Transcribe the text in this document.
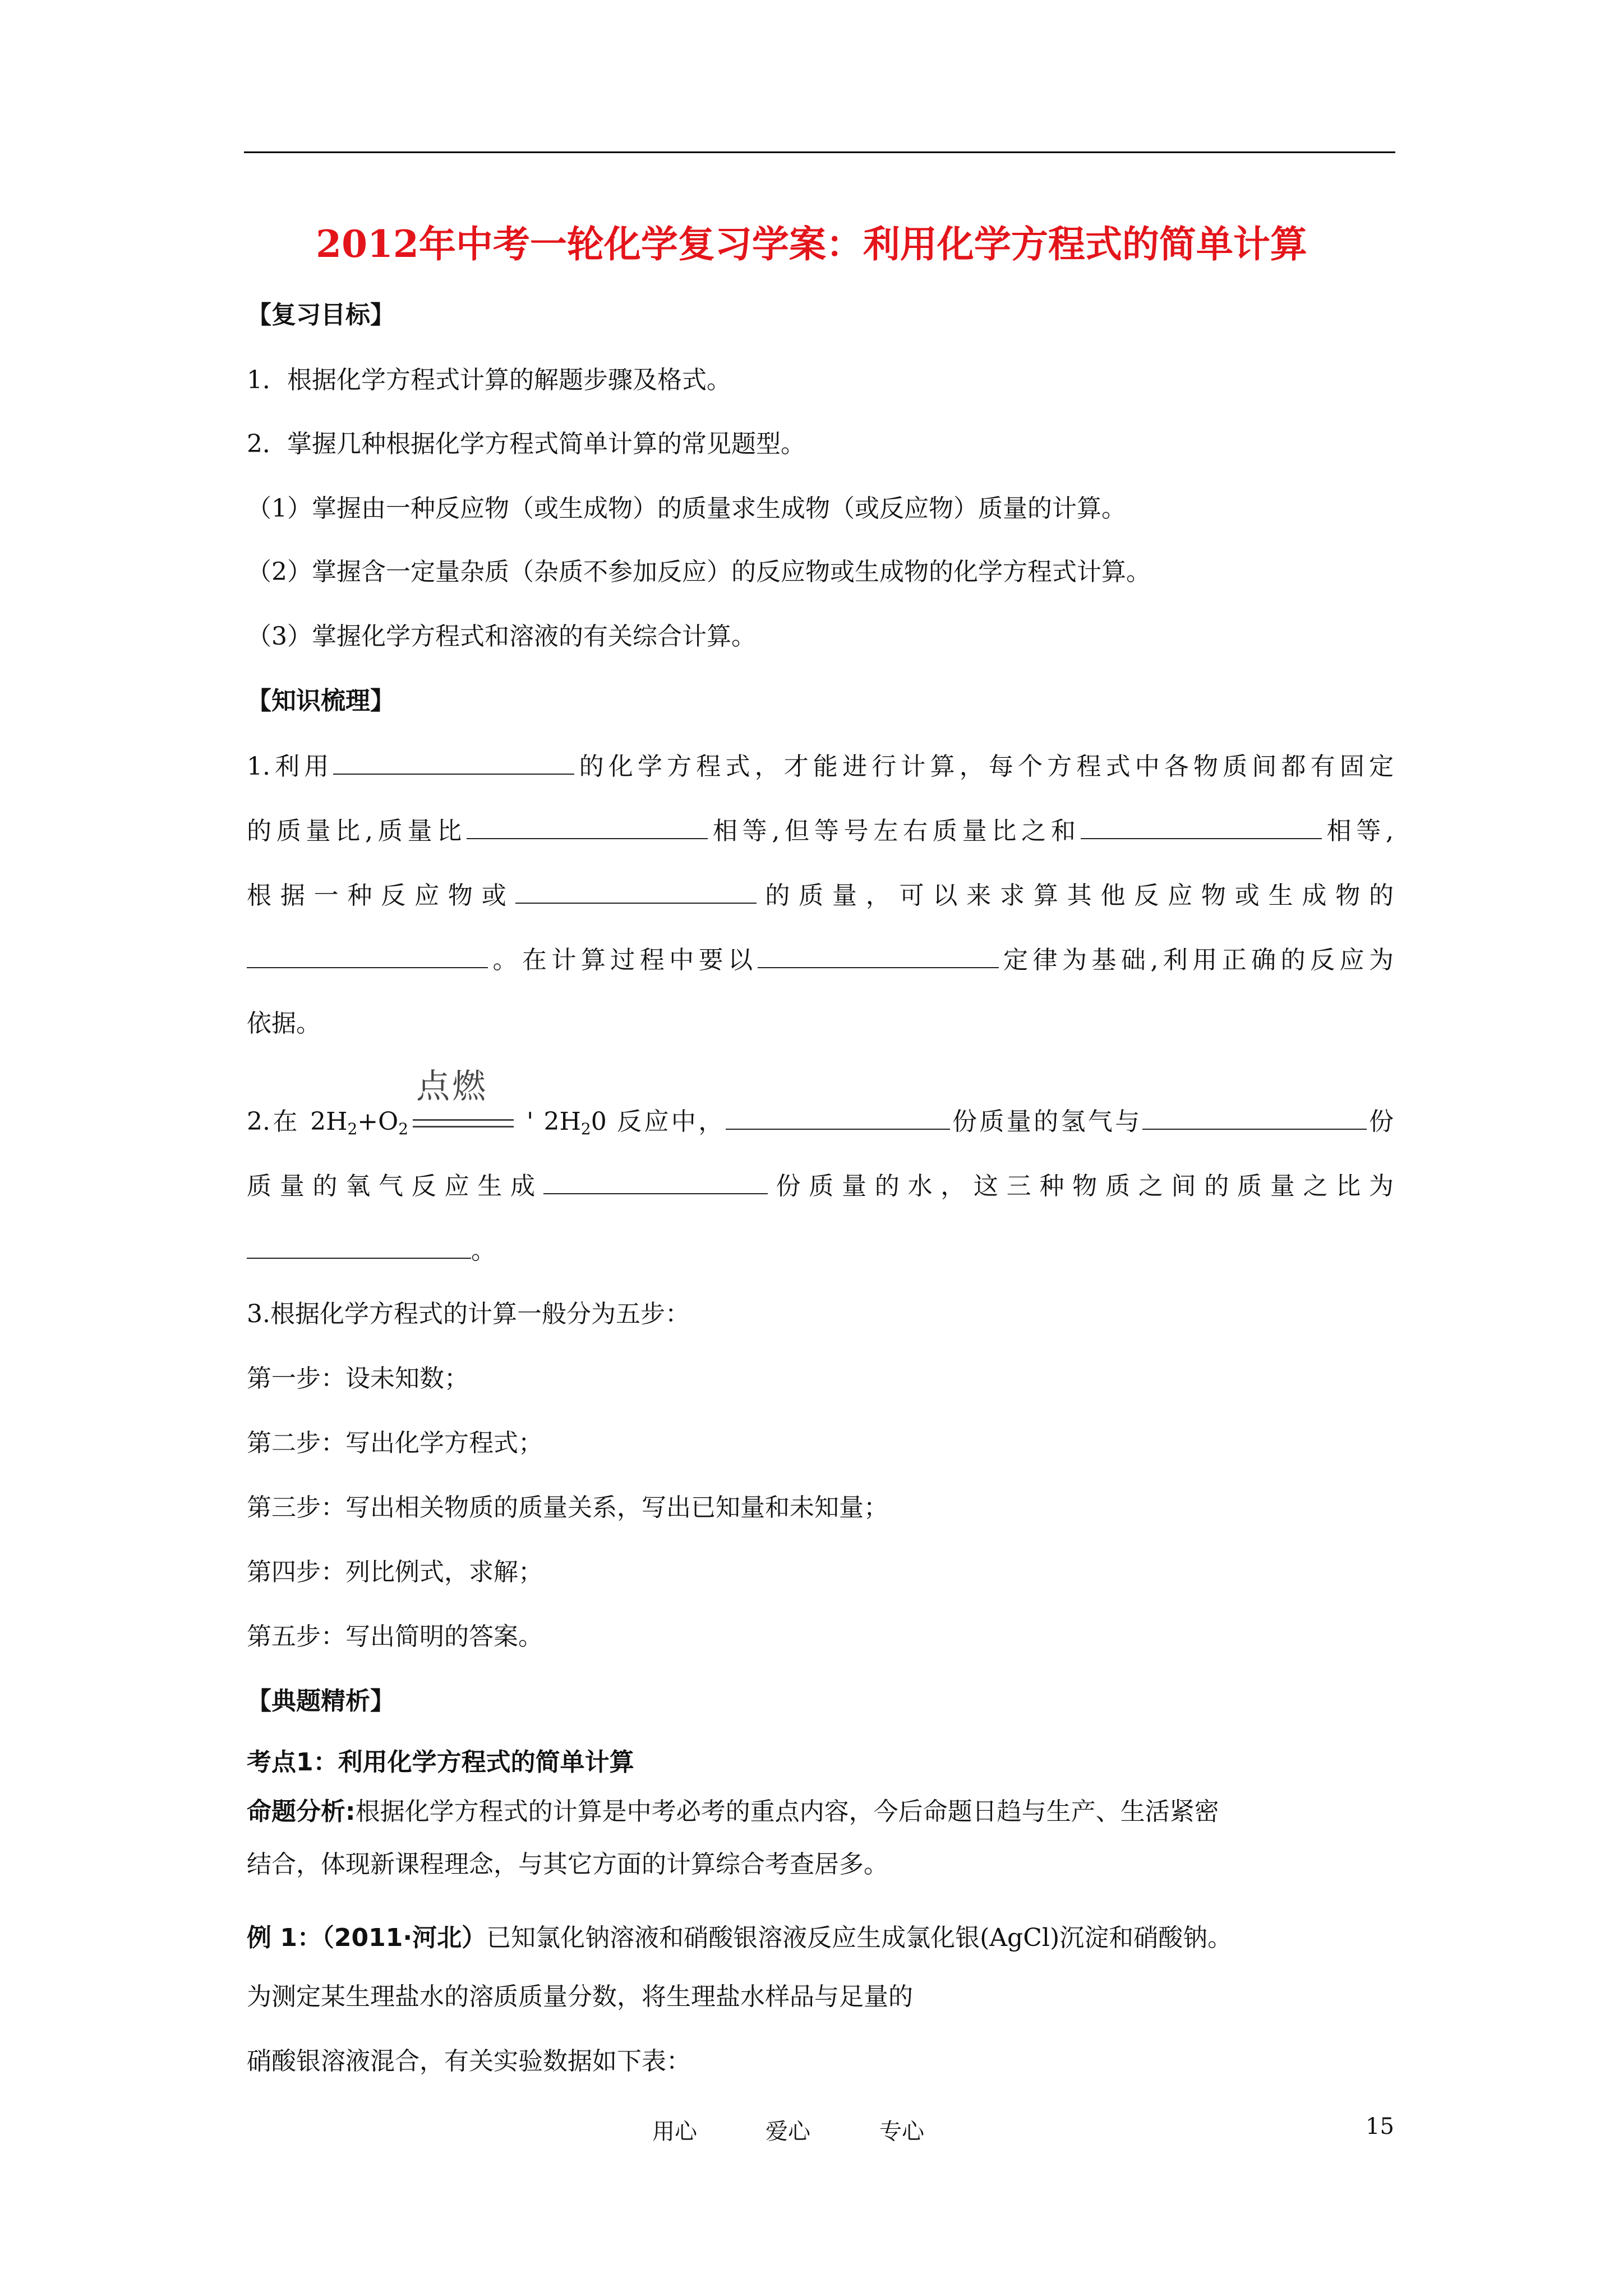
2012年中考一轮化学复习学案：利用化学方程式的简单计算
【复习目标】
1．根据化学方程式计算的解题步骤及格式。
2．掌握几种根据化学方程式简单计算的常见题型。
（1）掌握由一种反应物（或生成物）的质量求生成物（或反应物）质量的计算。
（2）掌握含一定量杂质（杂质不参加反应）的反应物或生成物的化学方程式计算。
（3）掌握化学方程式和溶液的有关综合计算。
【知识梳理】
1.利用	的化学方程式，才能进行计算，每个方程式中各物质间都有固定
的质量比,质量比	相等,但等号左右质量比之和	相等,
根据一种反应物或	的质量，可以来求算其他反应物或生成物的
。在计算过程中要以	定律为基础,利用正确的反应为
依据。
2.在 $2H_2+O_2$
点燃
' $2H_20$ 反应中，	份质量的氢气与	份
质量的氧气反应生成	份质量的水，这三种物质之间的质量之比为
。
3.根据化学方程式的计算一般分为五步：
第一步：设未知数；
第二步：写出化学方程式；
第三步：写出相关物质的质量关系，写出已知量和未知量；
第四步：列比例式，求解；
第五步：写出简明的答案。
【典题精析】
考点1：利用化学方程式的简单计算
命题分析:根据化学方程式的计算是中考必考的重点内容，今后命题日趋与生产、生活紧密
结合，体现新课程理念，与其它方面的计算综合考查居多。
例 1：（2011·河北）已知氯化钠溶液和硝酸银溶液反应生成氯化银(AgCl)沉淀和硝酸钠。
为测定某生理盐水的溶质质量分数，将生理盐水样品与足量的
硝酸银溶液混合，有关实验数据如下表：
用心	爱心	专心	15
